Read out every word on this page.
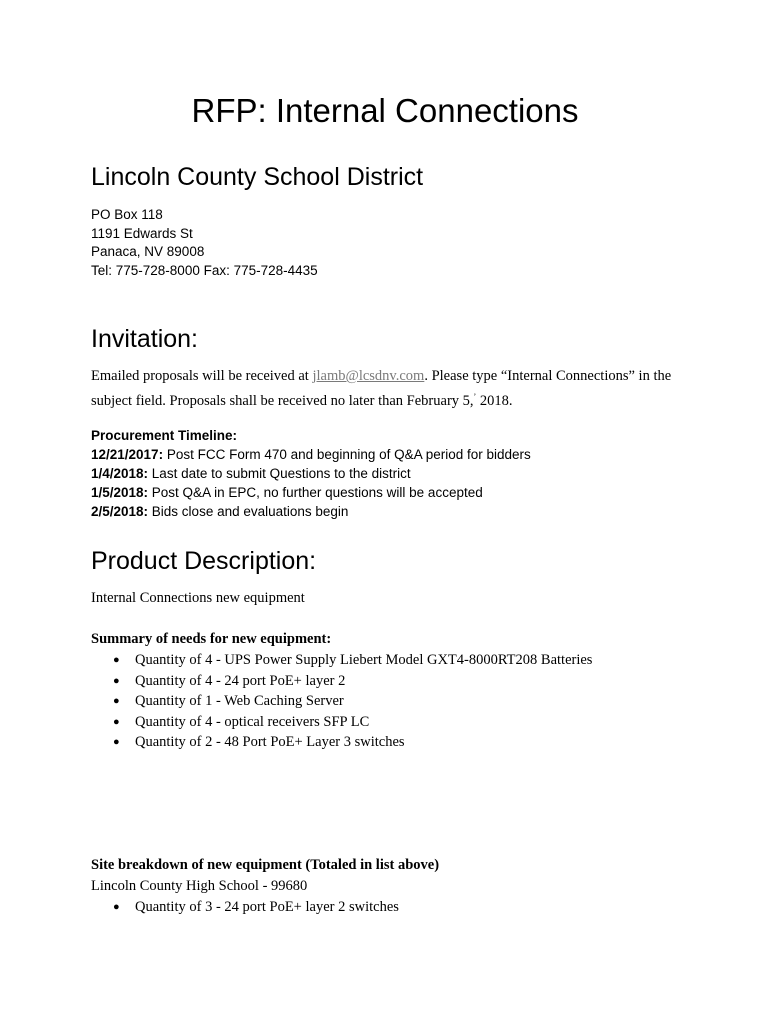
RFP: Internal Connections
Lincoln County School District
PO Box 118
1191 Edwards St
Panaca, NV 89008
Tel: 775-728-8000 Fax: 775-728-4435
Invitation:
Emailed proposals will be received at jlamb@lcsdnv.com. Please type “Internal Connections” in the subject field. Proposals shall be received no later than February 5,$^ʼ$ 2018.
Procurement Timeline:
12/21/2017: Post FCC Form 470 and beginning of Q&A period for bidders
1/4/2018: Last date to submit Questions to the district
1/5/2018: Post Q&A in EPC, no further questions will be accepted
2/5/2018: Bids close and evaluations begin
Product Description:
Internal Connections new equipment
Summary of needs for new equipment:
● Quantity of 4 - UPS Power Supply Liebert Model GXT4-8000RT208 Batteries
● Quantity of 4 - 24 port PoE+ layer 2
● Quantity of 1 - Web Caching Server
● Quantity of 4 - optical receivers SFP LC
● Quantity of 2 - 48 Port PoE+ Layer 3 switches
Site breakdown of new equipment (Totaled in list above)
Lincoln County High School - 99680
● Quantity of 3 - 24 port PoE+ layer 2 switches
